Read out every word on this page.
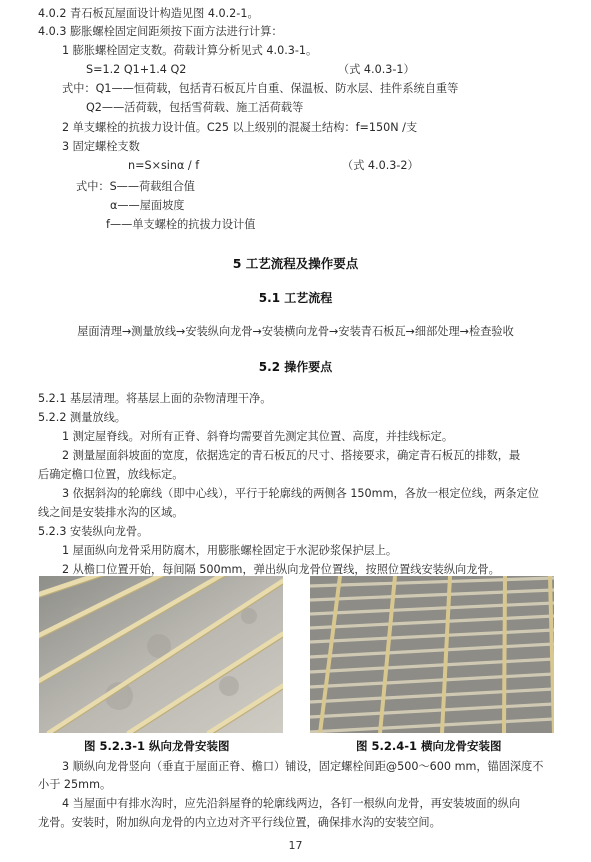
4.0.2 青石板瓦屋面设计构造见图 4.0.2-1。
4.0.3 膨胀螺栓固定间距须按下面方法进行计算：
1 膨胀螺栓固定支数。荷载计算分析见式 4.0.3-1。
S=1.2 Q1+1.4 Q2	（式 4.0.3-1）
式中：Q1——恒荷载，包括青石板瓦片自重、保温板、防水层、挂件系统自重等
Q2——活荷载，包括雪荷载、施工活荷载等
2 单支螺栓的抗拔力设计值。C25 以上级别的混凝土结构：f=150N /支
3 固定螺栓支数
n=S×sinα / f	（式 4.0.3-2）
式中：S——荷载组合值
α——屋面坡度
f——单支螺栓的抗拔力设计值
5 工艺流程及操作要点
5.1 工艺流程
屋面清理→测量放线→安装纵向龙骨→安装横向龙骨→安装青石板瓦→细部处理→检查验收
5.2 操作要点
5.2.1 基层清理。将基层上面的杂物清理干净。
5.2.2 测量放线。
1 测定屋脊线。对所有正脊、斜脊均需要首先测定其位置、高度，并挂线标定。
2 测量屋面斜坡面的宽度，依据选定的青石板瓦的尺寸、搭接要求，确定青石板瓦的排数，最
后确定檐口位置，放线标定。
3 依据斜沟的轮廓线（即中心线），平行于轮廓线的两侧各 150mm，各放一根定位线，两条定位
线之间是安装排水沟的区域。
5.2.3 安装纵向龙骨。
1 屋面纵向龙骨采用防腐木，用膨胀螺栓固定于水泥砂浆保护层上。
2 从檐口位置开始，每间隔 500mm，弹出纵向龙骨位置线，按照位置线安装纵向龙骨。
图 5.2.3-1 纵向龙骨安装图	图 5.2.4-1 横向龙骨安装图
3 顺纵向龙骨竖向（垂直于屋面正脊、檐口）铺设，固定螺栓间距@500～600 mm，锚固深度不
小于 25mm。
4 当屋面中有排水沟时，应先沿斜屋脊的轮廓线两边，各钉一根纵向龙骨，再安装坡面的纵向
龙骨。安装时，附加纵向龙骨的内立边对齐平行线位置，确保排水沟的安装空间。
17
